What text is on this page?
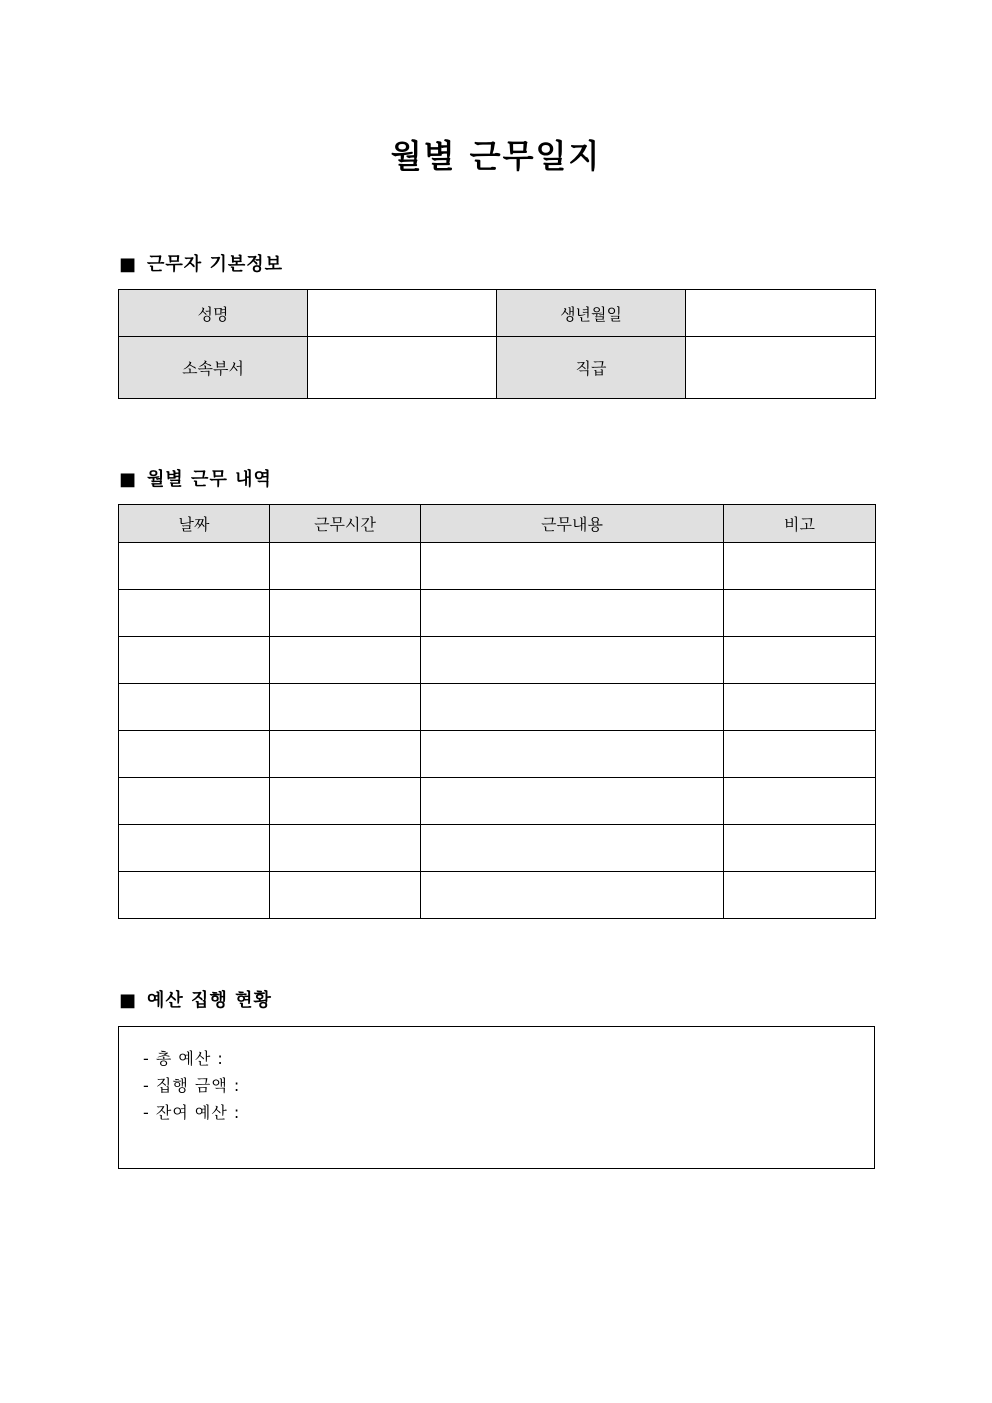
월별 근무일지
■ 근무자 기본정보
성명		생년월일	
소속부서		직급	
■ 월별 근무 내역
날짜	근무시간	근무내용	비고

■ 예산 집행 현황
- 총 예산 :
- 집행 금액 :
- 잔여 예산 :
